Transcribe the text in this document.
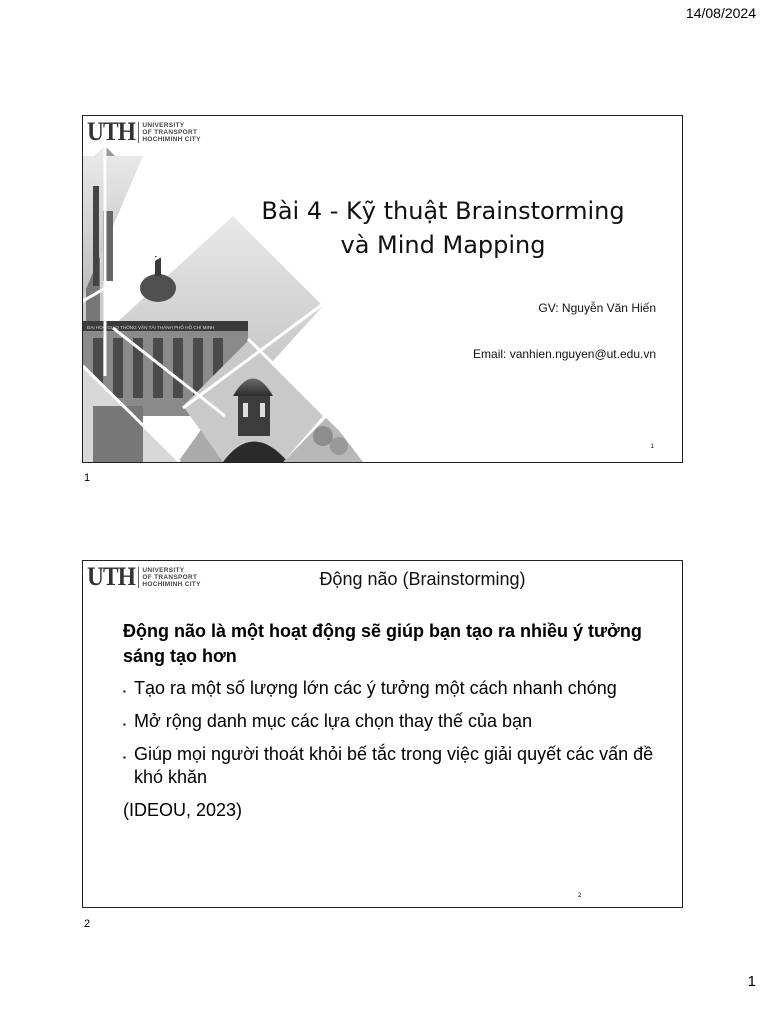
14/08/2024
ĐẠI HỌC GIAO THÔNG VẬN TẢI THÀNH PHỐ HỒ CHÍ MINH
UTH	UNIVERSITY
OF TRANSPORT
HOCHIMINH CITY
Bài 4 - Kỹ thuật Brainstorming
và Mind Mapping
GV: Nguyễn Văn Hiến
Email: vanhien.nguyen@ut.edu.vn
1
1
UTH	UNIVERSITY
OF TRANSPORT
HOCHIMINH CITY	Động não (Brainstorming)

Động não là một hoạt động sẽ giúp bạn tạo ra nhiều ý tưởng sáng tạo hơn

▪ Tạo ra một số lượng lớn các ý tưởng một cách nhanh chóng
▪ Mở rộng danh mục các lựa chọn thay thế của bạn
▪ Giúp mọi người thoát khỏi bế tắc trong việc giải quyết các vấn đề khó khăn
(IDEOU, 2023)
2
2
1
